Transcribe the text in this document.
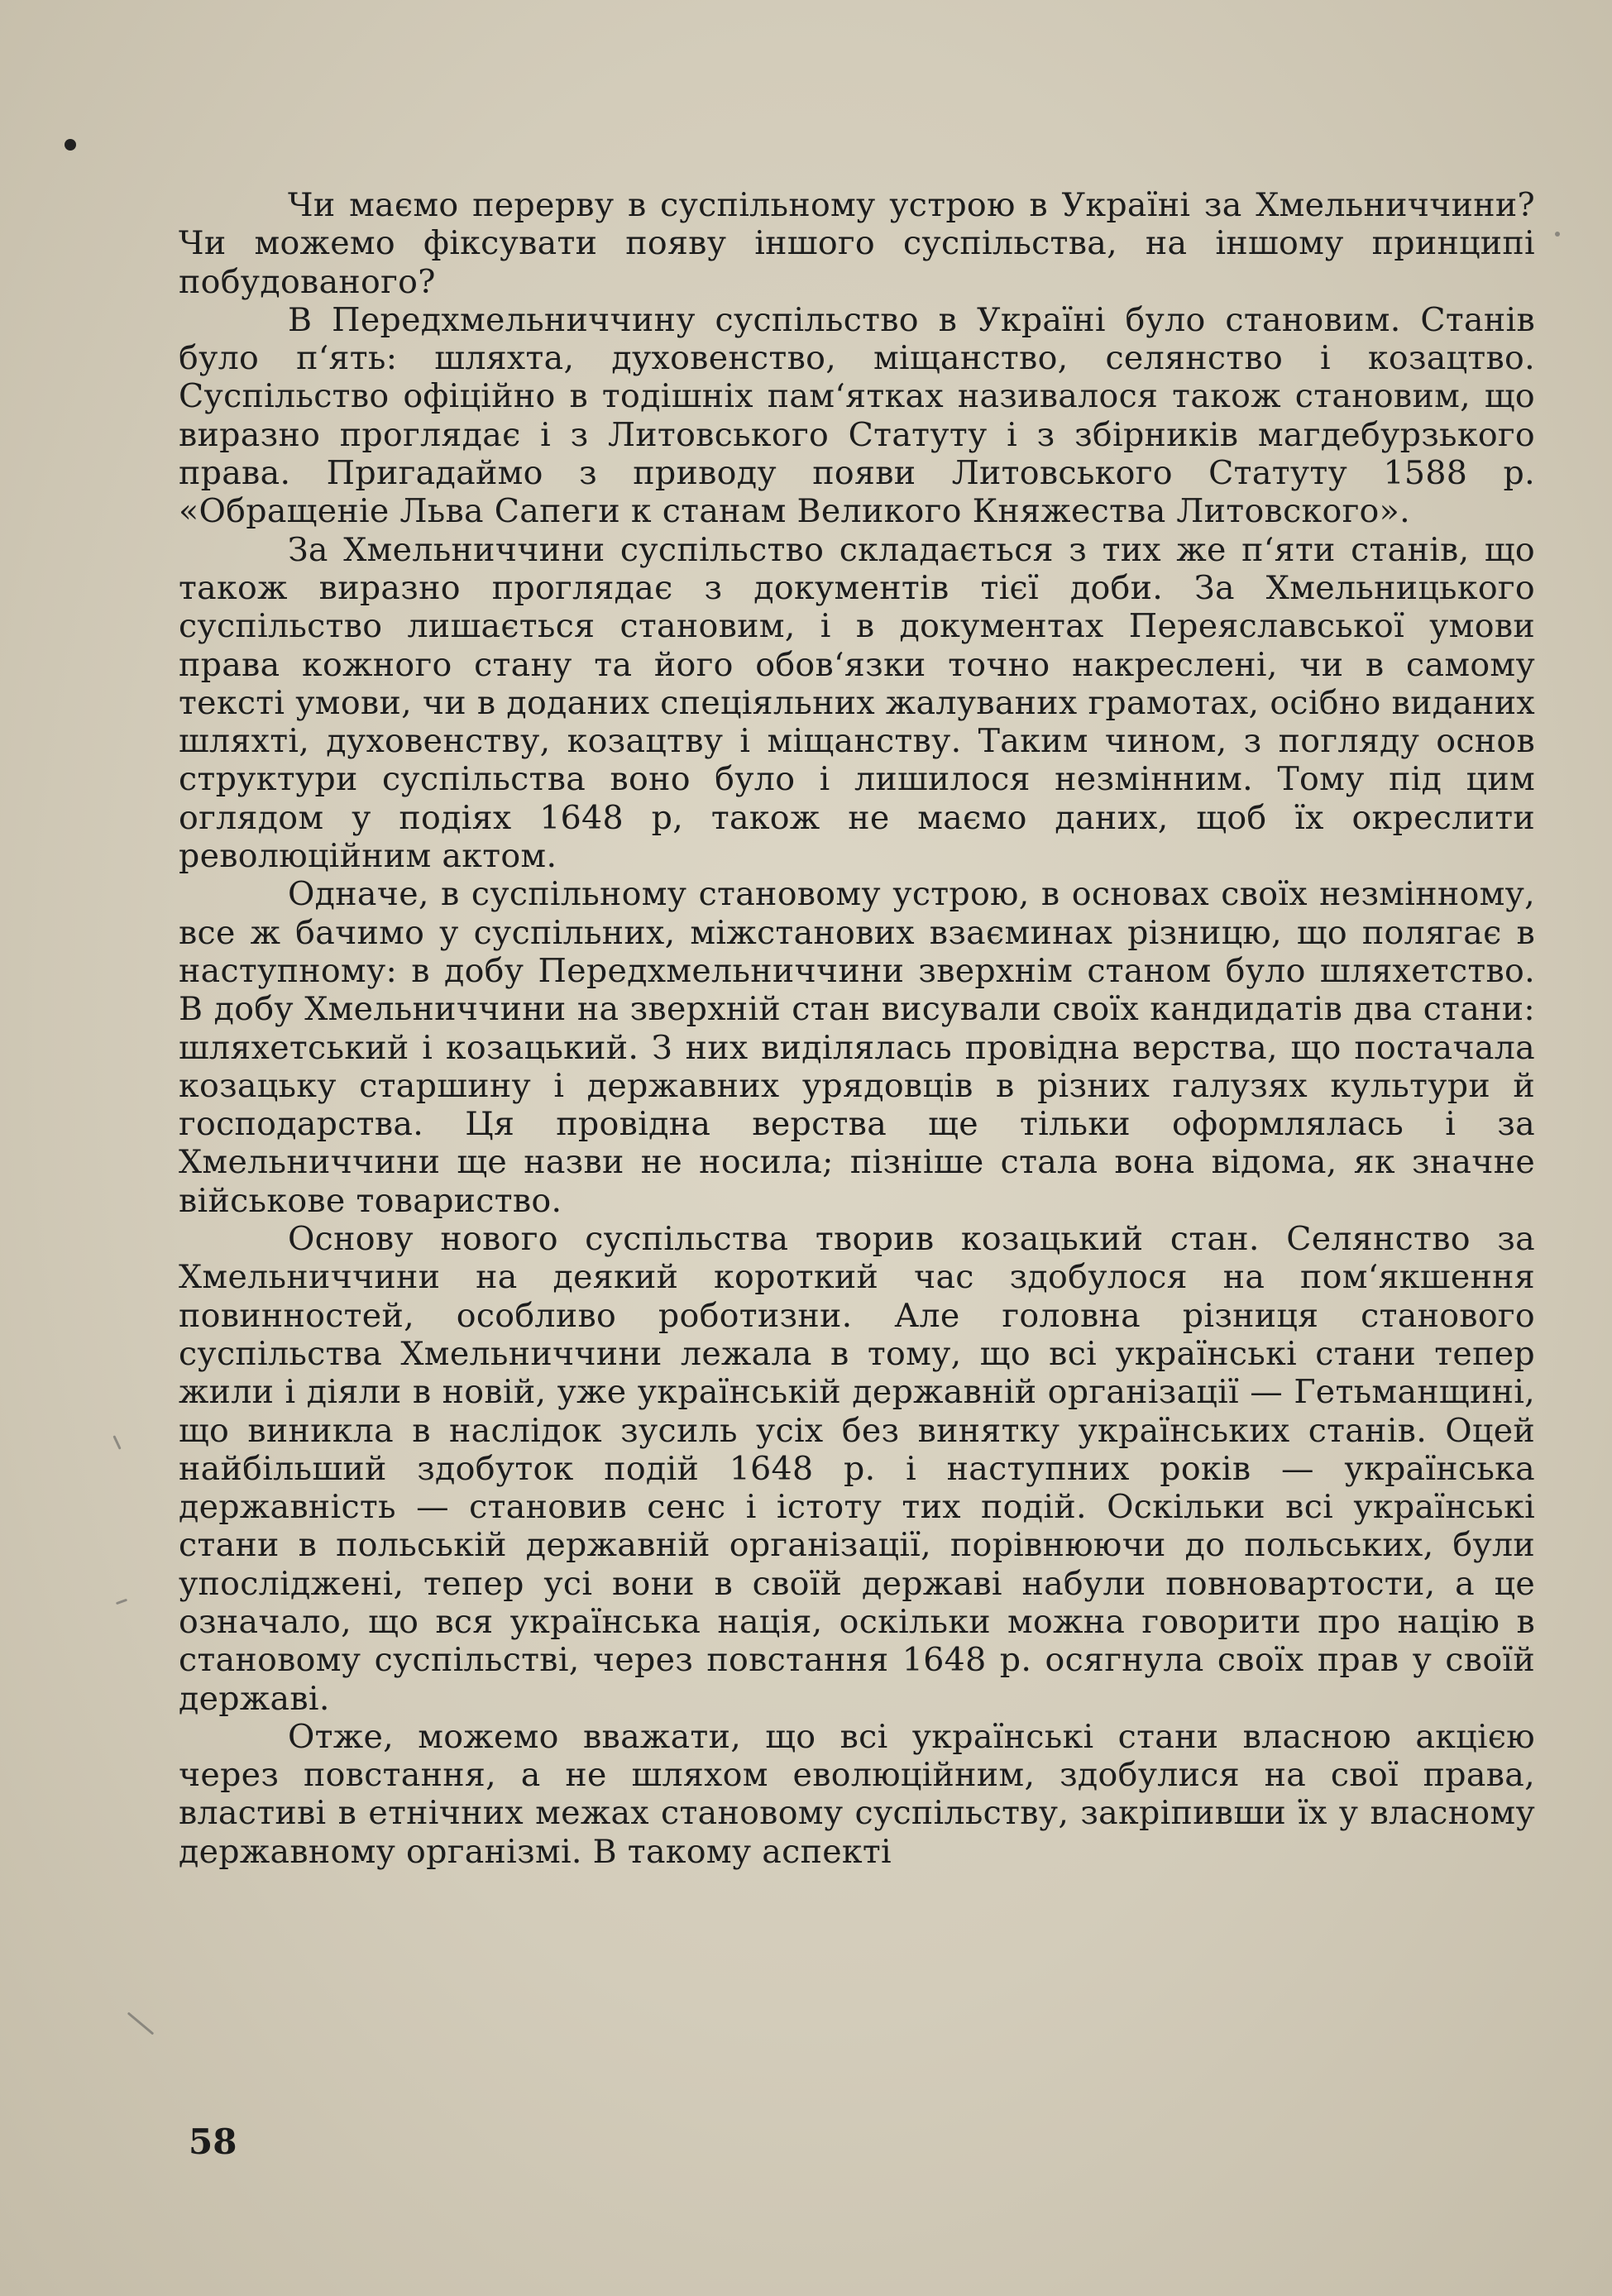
Чи маємо перерву в суспільному устрою в Україні за Хмельниччини? Чи можемо фіксувати появу іншого суспільства, на іншому принципі побудованого?

В Передхмельниччину суспільство в Україні було становим. Станів було п‘ять: шляхта, духовенство, міщанство, селянство і козацтво. Суспільство офіційно в тодішніх пам‘ятках називалося також становим, що виразно проглядає і з Литовського Статуту і з збірників магдебурзького права. Пригадаймо з приводу появи Литовського Статуту 1588 р. «Обращеніе Льва Сапеги к станам Великого Княжества Литовского».

За Хмельниччини суспільство складається з тих же п‘яти станів, що також виразно проглядає з документів тієї доби. За Хмельницького суспільство лишається становим, і в документах Переяславської умови права кожного стану та його обов‘язки точно накреслені, чи в самому тексті умови, чи в доданих спеціяльних жалуваних грамотах, осібно виданих шляхті, духовенству, козацтву і міщанству. Таким чином, з погляду основ структури суспільства воно було і лишилося незмінним. Тому під цим оглядом у подіях 1648 р, також не маємо даних, щоб їх окреслити революційним актом.

Одначе, в суспільному становому устрою, в основах своїх незмінному, все ж бачимо у суспільних, міжстанових взаєминах різницю, що полягає в наступному: в добу Передхмельниччини зверхнім станом було шляхетство. В добу Хмельниччини на зверхній стан висували своїх кандидатів два стани: шляхетський і козацький. З них виділялась провідна верства, що постачала козацьку старшину і державних урядовців в різних галузях культури й господарства. Ця провідна верства ще тільки оформлялась і за Хмельниччини ще назви не носила; пізніше стала вона відома, як значне військове товариство.

Основу нового суспільства творив козацький стан. Селянство за Хмельниччини на деякий короткий час здобулося на пом‘якшення повинностей, особливо роботизни. Але головна різниця станового суспільства Хмельниччини лежала в тому, що всі українські стани тепер жили і діяли в новій, уже українській державній організації — Гетьманщині, що виникла в наслідок зусиль усіх без винятку українських станів. Оцей найбільший здобуток подій 1648 р. і наступних років — українська державність — становив сенс і істоту тих подій. Оскільки всі українські стани в польській державній організації, порівнюючи до польських, були упосліджені, тепер усі вони в своїй державі набули повновартости, а це означало, що вся українська нація, оскільки можна говорити про націю в становому суспільстві, через повстання 1648 р. осягнула своїх прав у своїй державі.

Отже, можемо вважати, що всі українські стани власною акцією через повстання, а не шляхом еволюційним, здобулися на свої права, властиві в етнічних межах становому суспільству, закріпивши їх у власному державному організмі. В такому аспекті

58
